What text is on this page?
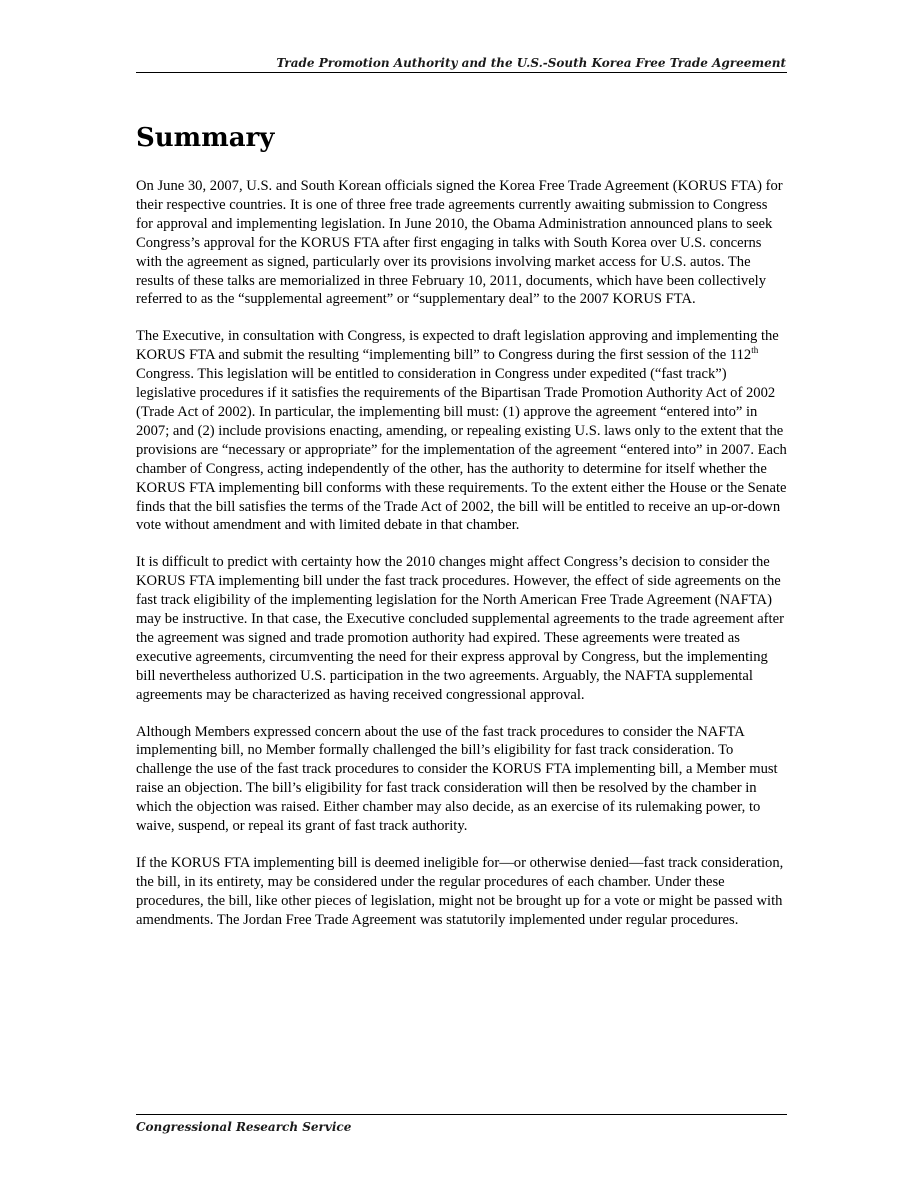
Trade Promotion Authority and the U.S.-South Korea Free Trade Agreement
Summary

On June 30, 2007, U.S. and South Korean officials signed the Korea Free Trade Agreement (KORUS FTA) for their respective countries. It is one of three free trade agreements currently awaiting submission to Congress for approval and implementing legislation. In June 2010, the Obama Administration announced plans to seek Congress’s approval for the KORUS FTA after first engaging in talks with South Korea over U.S. concerns with the agreement as signed, particularly over its provisions involving market access for U.S. autos. The results of these talks are memorialized in three February 10, 2011, documents, which have been collectively referred to as the “supplemental agreement” or “supplementary deal” to the 2007 KORUS FTA.

The Executive, in consultation with Congress, is expected to draft legislation approving and implementing the KORUS FTA and submit the resulting “implementing bill” to Congress during the first session of the 112th Congress. This legislation will be entitled to consideration in Congress under expedited (“fast track”) legislative procedures if it satisfies the requirements of the Bipartisan Trade Promotion Authority Act of 2002 (Trade Act of 2002). In particular, the implementing bill must: (1) approve the agreement “entered into” in 2007; and (2) include provisions enacting, amending, or repealing existing U.S. laws only to the extent that the provisions are “necessary or appropriate” for the implementation of the agreement “entered into” in 2007. Each chamber of Congress, acting independently of the other, has the authority to determine for itself whether the KORUS FTA implementing bill conforms with these requirements. To the extent either the House or the Senate finds that the bill satisfies the terms of the Trade Act of 2002, the bill will be entitled to receive an up-or-down vote without amendment and with limited debate in that chamber.

It is difficult to predict with certainty how the 2010 changes might affect Congress’s decision to consider the KORUS FTA implementing bill under the fast track procedures. However, the effect of side agreements on the fast track eligibility of the implementing legislation for the North American Free Trade Agreement (NAFTA) may be instructive. In that case, the Executive concluded supplemental agreements to the trade agreement after the agreement was signed and trade promotion authority had expired. These agreements were treated as executive agreements, circumventing the need for their express approval by Congress, but the implementing bill nevertheless authorized U.S. participation in the two agreements. Arguably, the NAFTA supplemental agreements may be characterized as having received congressional approval.

Although Members expressed concern about the use of the fast track procedures to consider the NAFTA implementing bill, no Member formally challenged the bill’s eligibility for fast track consideration. To challenge the use of the fast track procedures to consider the KORUS FTA implementing bill, a Member must raise an objection. The bill’s eligibility for fast track consideration will then be resolved by the chamber in which the objection was raised. Either chamber may also decide, as an exercise of its rulemaking power, to waive, suspend, or repeal its grant of fast track authority.

If the KORUS FTA implementing bill is deemed ineligible for—or otherwise denied—fast track consideration, the bill, in its entirety, may be considered under the regular procedures of each chamber. Under these procedures, the bill, like other pieces of legislation, might not be brought up for a vote or might be passed with amendments. The Jordan Free Trade Agreement was statutorily implemented under regular procedures.

Congressional Research Service
